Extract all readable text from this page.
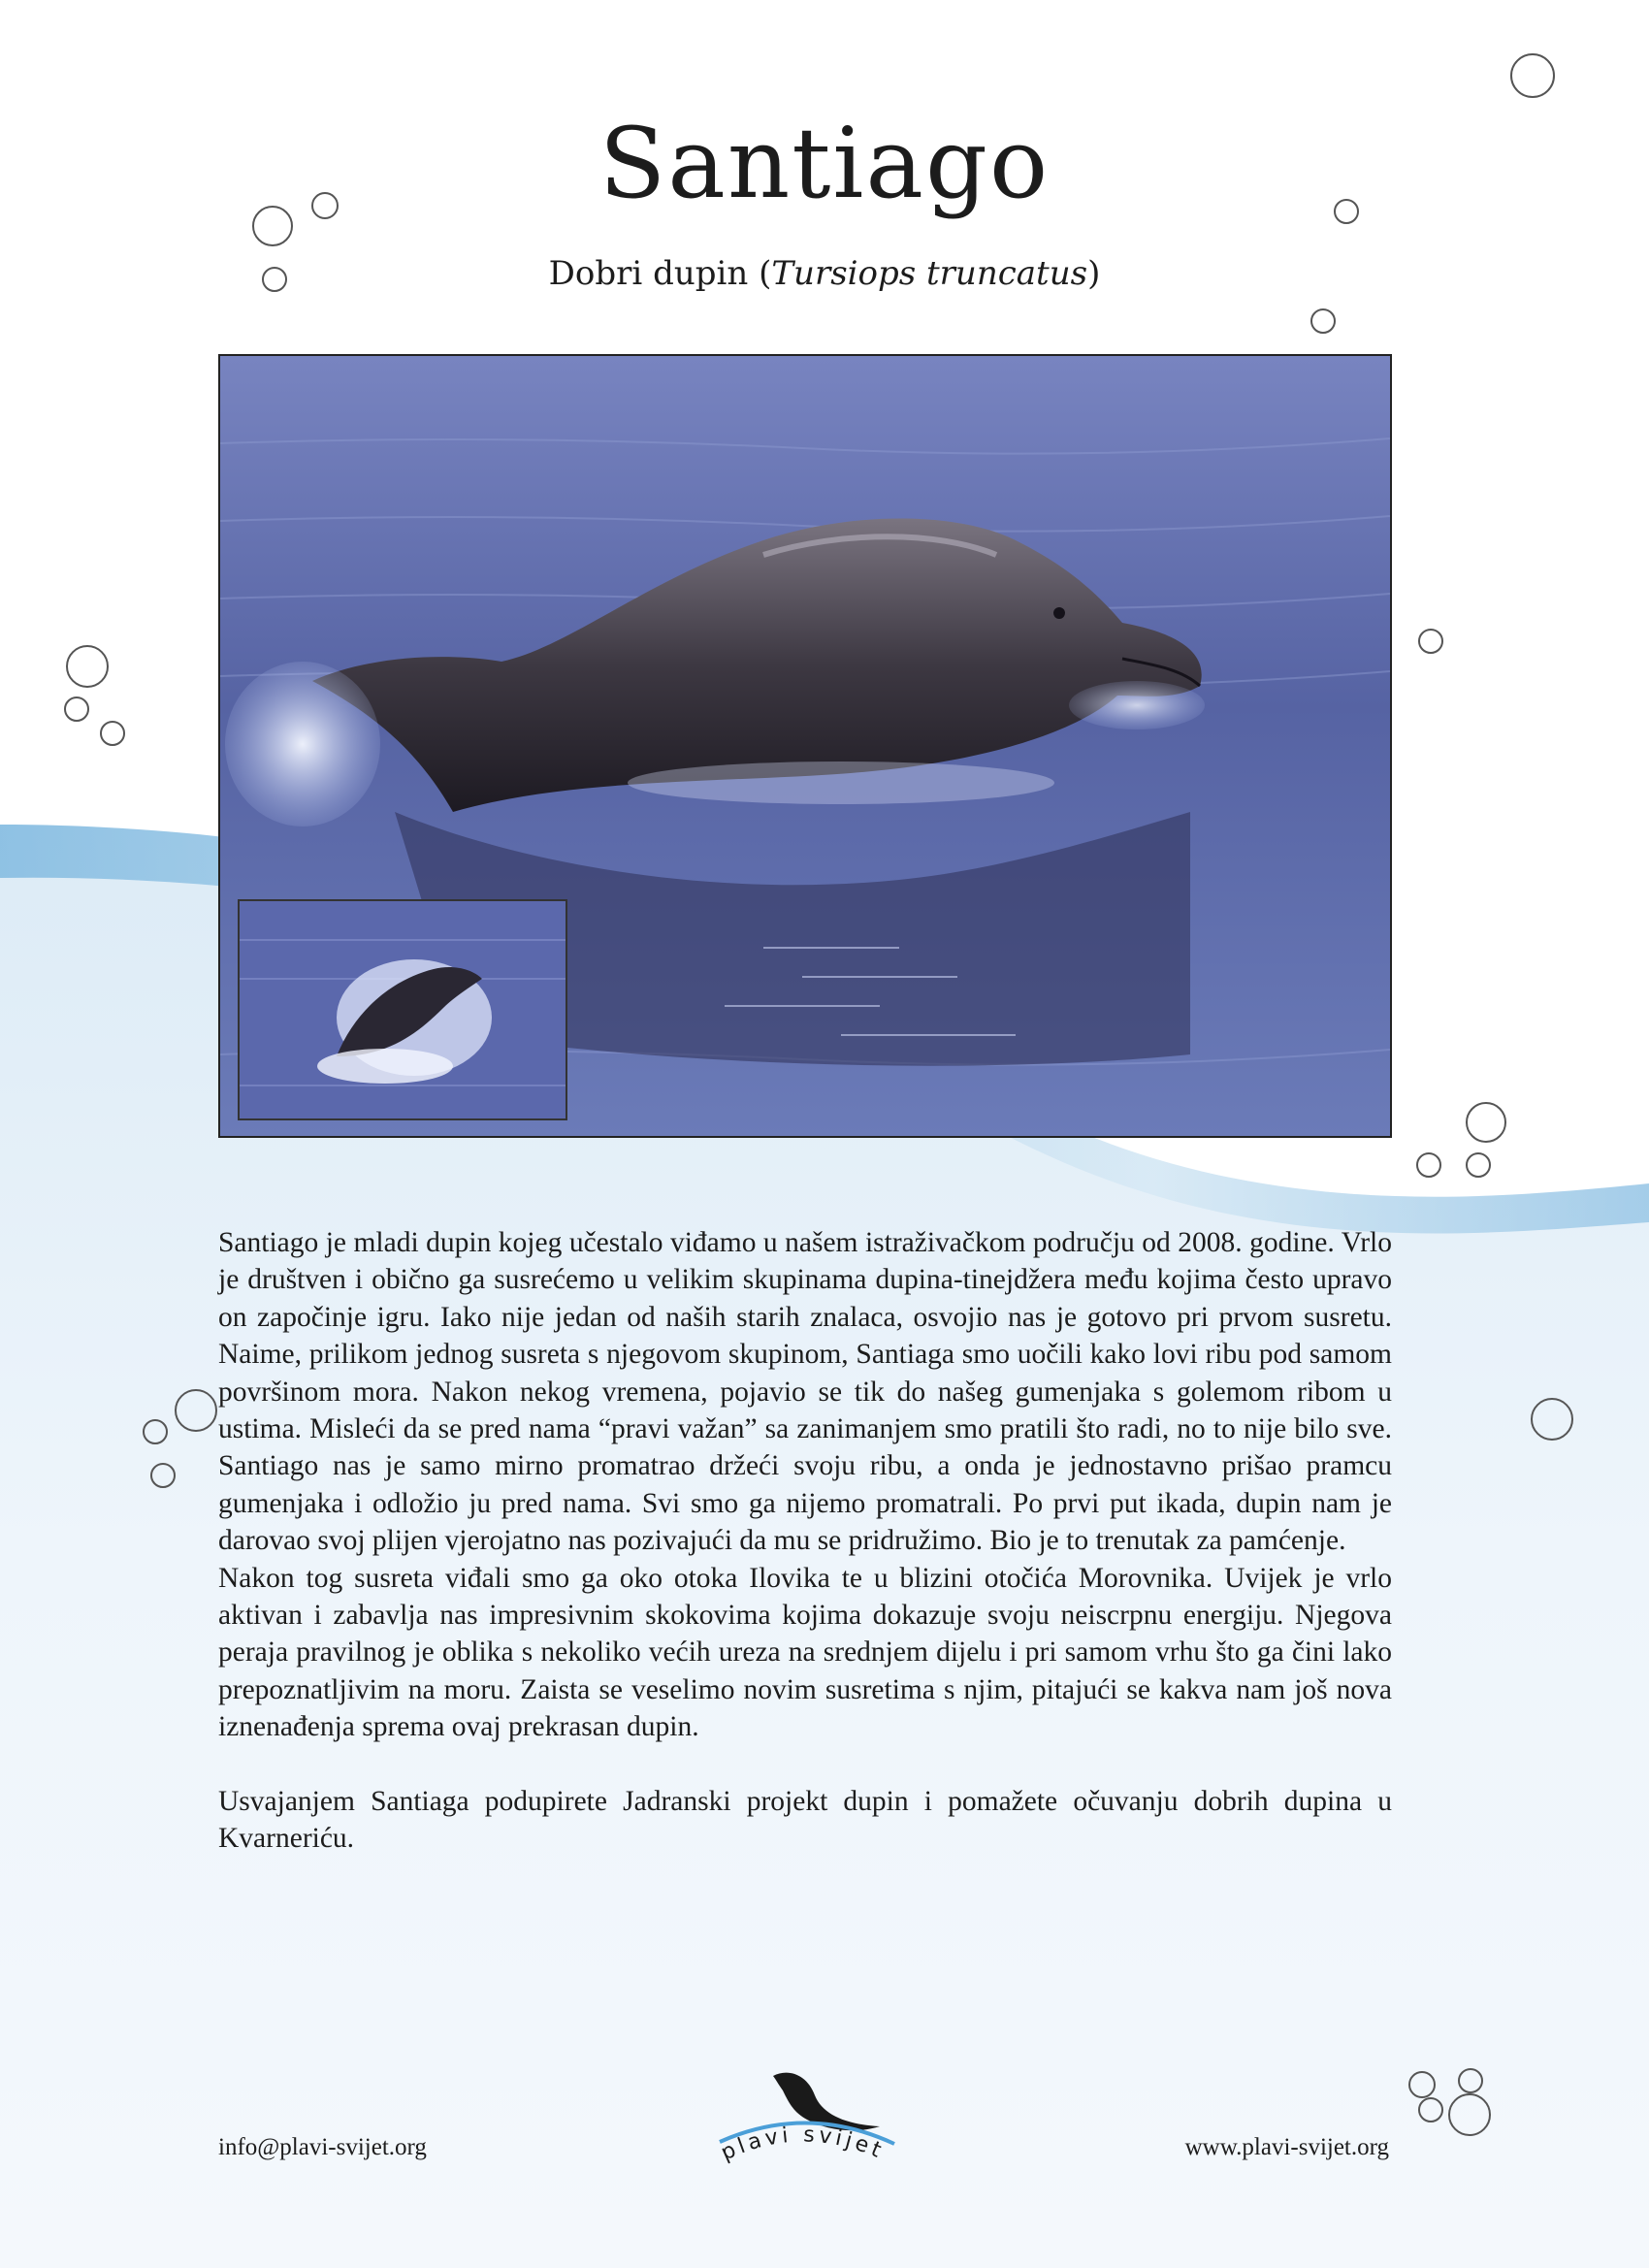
Santiago
Dobri dupin (Tursiops truncatus)

Santiago je mladi dupin kojeg učestalo viđamo u našem istraživačkom području od 2008. godine. Vrlo je društven i obično ga susrećemo u velikim skupinama dupina-tinejdžera među kojima često upravo on započinje igru. Iako nije jedan od naših starih znalaca, osvojio nas je gotovo pri prvom susretu. Naime, prilikom jednog susreta s njegovom skupinom, Santiaga smo uočili kako lovi ribu pod samom površinom mora. Nakon nekog vremena, pojavio se tik do našeg gumenjaka s golemom ribom u ustima. Misleći da se pred nama “pravi važan” sa zanimanjem smo pratili što radi, no to nije bilo sve. Santiago nas je samo mirno promatrao držeći svoju ribu, a onda je jednostavno prišao pramcu gumenjaka i odložio ju pred nama. Svi smo ga nijemo promatrali. Po prvi put ikada, dupin nam je darovao svoj plijen vjerojatno nas pozivajući da mu se pridružimo. Bio je to trenutak za pamćenje.

Nakon tog susreta viđali smo ga oko otoka Ilovika te u blizini otočića Morovnika. Uvijek je vrlo aktivan i zabavlja nas impresivnim skokovima kojima dokazuje svoju neiscrpnu energiju. Njegova peraja pravilnog je oblika s nekoliko većih ureza na srednjem dijelu i pri samom vrhu što ga čini lako prepoznatljivim na moru. Zaista se veselimo novim susretima s njim, pitajući se kakva nam još nova iznenađenja sprema ovaj prekrasan dupin.

Usvajanjem Santiaga podupirete Jadranski projekt dupin i pomažete očuvanju dobrih dupina u Kvarneriću.

info@plavi-svijet.org	plavi svijet	www.plavi-svijet.org
